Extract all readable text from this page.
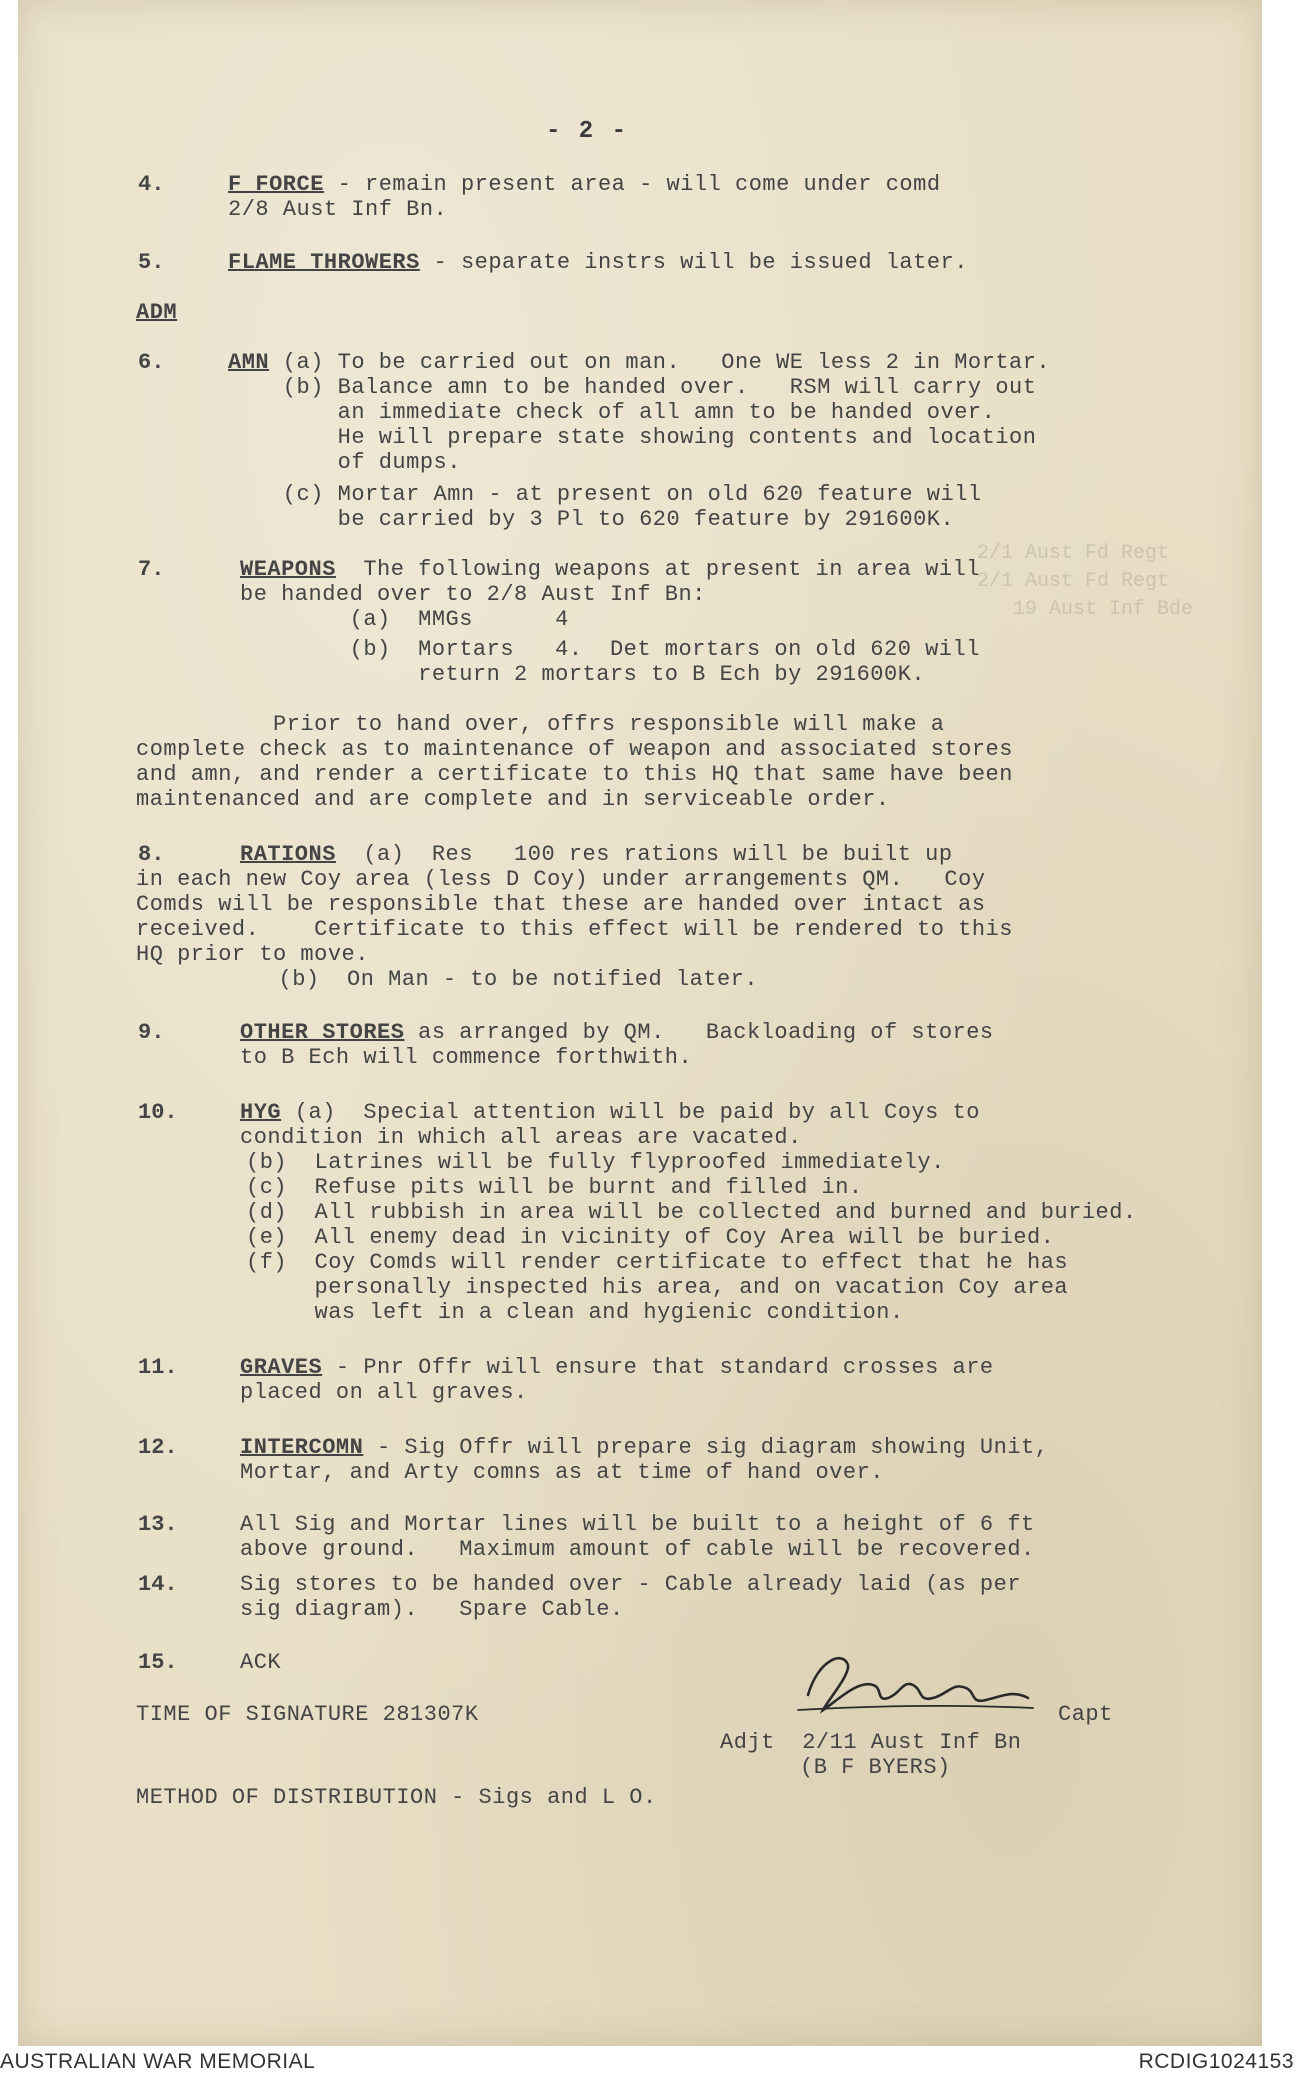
2/1 Aust Fd Regt
2/1 Aust Fd Regt
19 Aust Inf Bde
- 2 -
4.	F FORCE - remain present area - will come under comd
2/8 Aust Inf Bn.
5.	FLAME THROWERS - separate instrs will be issued later.
ADM
6.	AMN (a) To be carried out on man.   One WE less 2 in Mortar.
(b) Balance amn to be handed over.   RSM will carry out
an immediate check of all amn to be handed over.
He will prepare state showing contents and location
of dumps.
(c) Mortar Amn - at present on old 620 feature will
be carried by 3 Pl to 620 feature by 291600K.
7.	WEAPONS  The following weapons at present in area will
be handed over to 2/8 Aust Inf Bn:
(a)  MMGs      4
(b)  Mortars   4.  Det mortars on old 620 will
return 2 mortars to B Ech by 291600K.
Prior to hand over, offrs responsible will make a
complete check as to maintenance of weapon and associated stores
and amn, and render a certificate to this HQ that same have been
maintenanced and are complete and in serviceable order.
8.	RATIONS  (a)  Res   100 res rations will be built up
in each new Coy area (less D Coy) under arrangements QM.   Coy
Comds will be responsible that these are handed over intact as
received.    Certificate to this effect will be rendered to this
HQ prior to move.
(b)  On Man - to be notified later.
9.	OTHER STORES as arranged by QM.   Backloading of stores
to B Ech will commence forthwith.
10.	HYG (a)  Special attention will be paid by all Coys to
condition in which all areas are vacated.
(b)  Latrines will be fully flyproofed immediately.
(c)  Refuse pits will be burnt and filled in.
(d)  All rubbish in area will be collected and burned and buried.
(e)  All enemy dead in vicinity of Coy Area will be buried.
(f)  Coy Comds will render certificate to effect that he has
personally inspected his area, and on vacation Coy area
was left in a clean and hygienic condition.
11.	GRAVES - Pnr Offr will ensure that standard crosses are
placed on all graves.
12.	INTERCOMN - Sig Offr will prepare sig diagram showing Unit,
Mortar, and Arty comns as at time of hand over.
13.	All Sig and Mortar lines will be built to a height of 6 ft
above ground.   Maximum amount of cable will be recovered.
14.	Sig stores to be handed over - Cable already laid (as per
sig diagram).   Spare Cable.
15.	ACK
TIME OF SIGNATURE 281307K	Capt
Adjt  2/11 Aust Inf Bn
(B F BYERS)
METHOD OF DISTRIBUTION - Sigs and L O.
AUSTRALIAN WAR MEMORIAL	RCDIG1024153
